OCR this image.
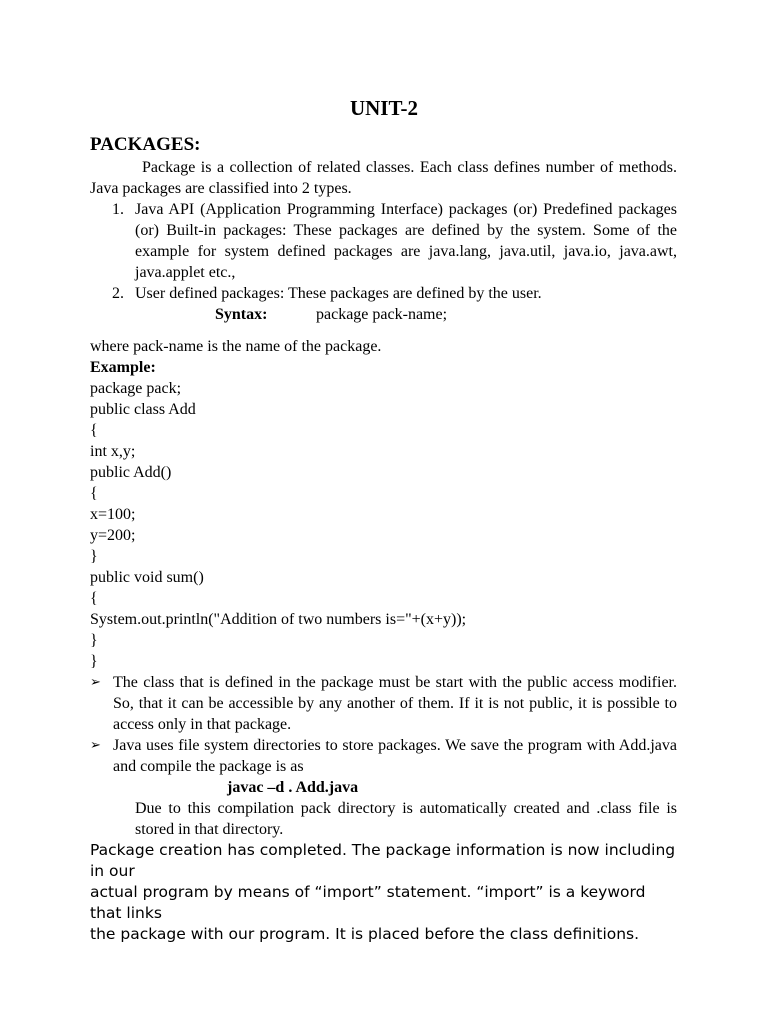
UNIT-2
PACKAGES:
Package is a collection of related classes. Each class defines number of methods. Java packages are classified into 2 types.
1. Java API (Application Programming Interface) packages (or) Predefined packages (or) Built-in packages: These packages are defined by the system. Some of the example for system defined packages are java.lang, java.util, java.io, java.awt, java.applet etc.,
2. User defined packages: These packages are defined by the user.
Syntax:	package pack-name;
where pack-name is the name of the package.
Example:
package pack;
public class Add
{
int x,y;
public Add()
{
x=100;
y=200;
}
public void sum()
{
System.out.println("Addition of two numbers is="+(x+y));
}
}
➢ The class that is defined in the package must be start with the public access modifier. So, that it can be accessible by any another of them. If it is not public, it is possible to access only in that package.
➢ Java uses file system directories to store packages. We save the program with Add.java and compile the package is as
javac –d . Add.java
Due to this compilation pack directory is automatically created and .class file is stored in that directory.
Package creation has completed. The package information is now including in our
actual program by means of “import” statement. “import” is a keyword that links
the package with our program. It is placed before the class definitions.
